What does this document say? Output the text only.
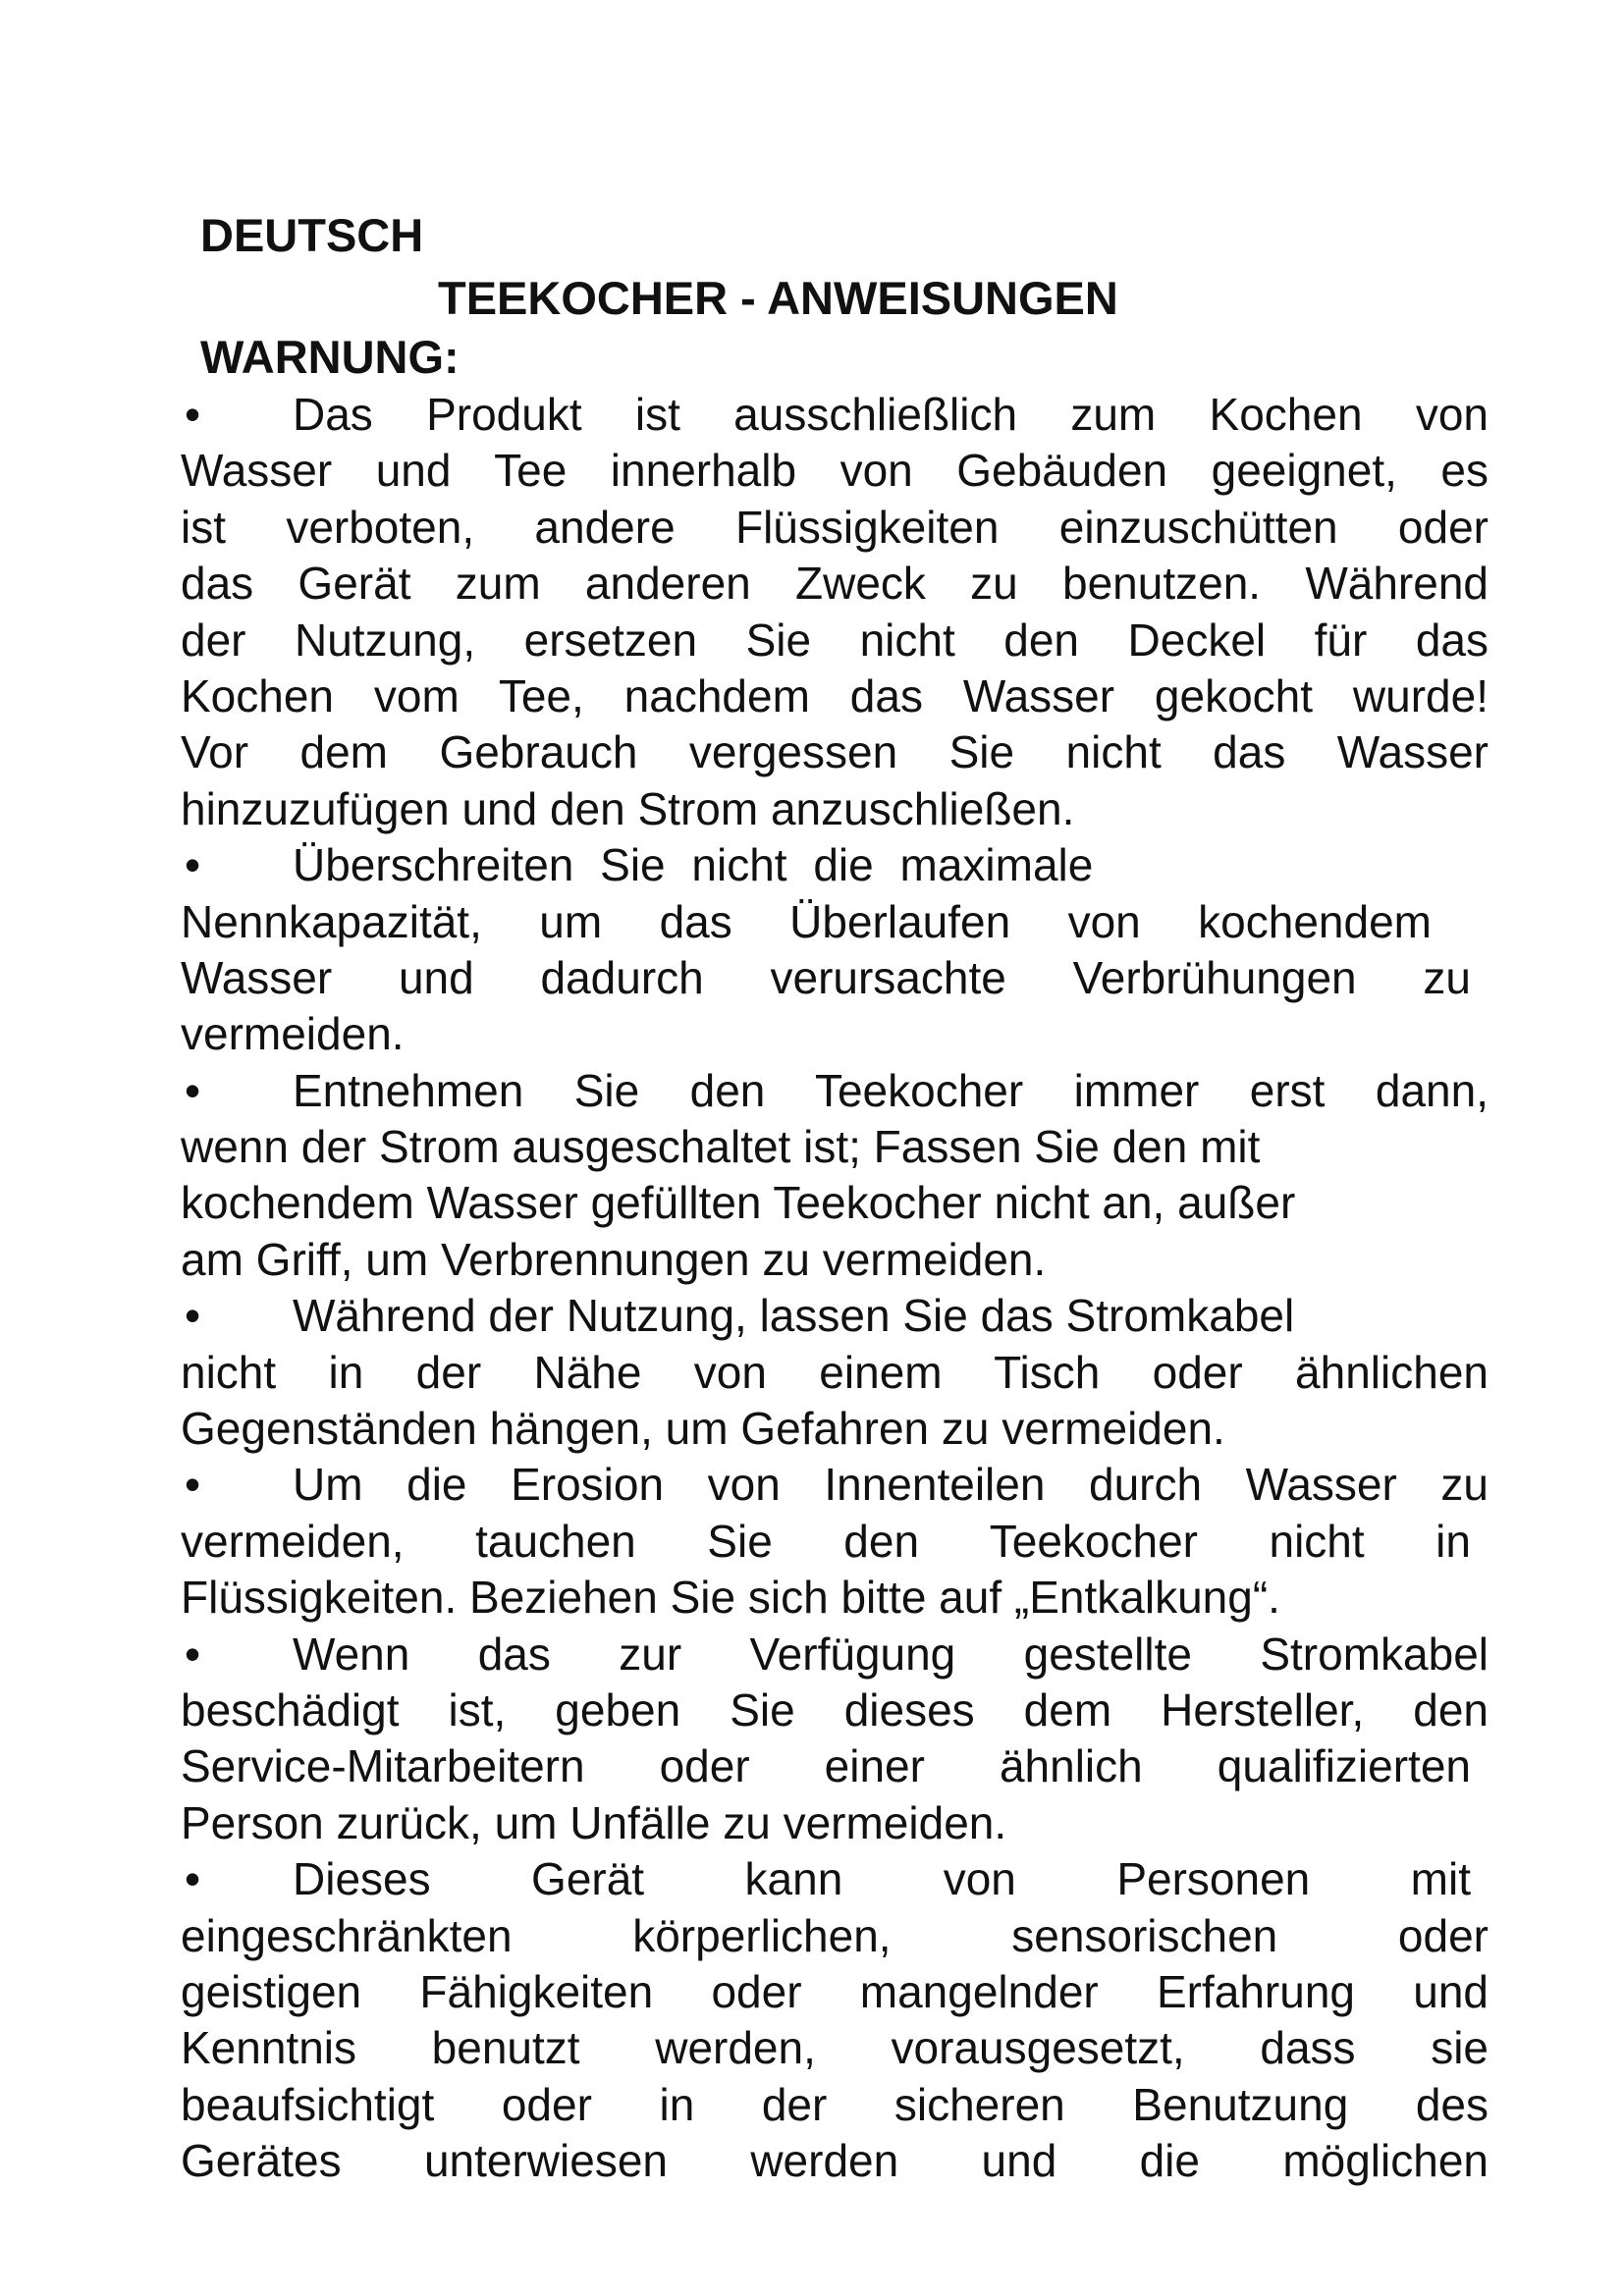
DEUTSCH
TEEKOCHER - ANWEISUNGEN
WARNUNG:
•	Das Produkt ist ausschließlich zum Kochen von
Wasser und Tee innerhalb von Gebäuden geeignet, es
ist verboten, andere Flüssigkeiten einzuschütten oder
das Gerät zum anderen Zweck zu benutzen. Während
der Nutzung, ersetzen Sie nicht den Deckel für das
Kochen vom Tee, nachdem das Wasser gekocht wurde!
Vor dem Gebrauch vergessen Sie nicht das Wasser
hinzuzufügen und den Strom anzuschließen.
•	Überschreiten Sie nicht die maximale
Nennkapazität, um das Überlaufen von kochendem
Wasser und dadurch verursachte Verbrühungen zu
vermeiden.
•	Entnehmen Sie den Teekocher immer erst dann,
wenn der Strom ausgeschaltet ist; Fassen Sie den mit
kochendem Wasser gefüllten Teekocher nicht an, außer
am Griff, um Verbrennungen zu vermeiden.
•	Während der Nutzung, lassen Sie das Stromkabel
nicht in der Nähe von einem Tisch oder ähnlichen
Gegenständen hängen, um Gefahren zu vermeiden.
•	Um die Erosion von Innenteilen durch Wasser zu
vermeiden, tauchen Sie den Teekocher nicht in
Flüssigkeiten. Beziehen Sie sich bitte auf „Entkalkung“.
•	Wenn das zur Verfügung gestellte Stromkabel
beschädigt ist, geben Sie dieses dem Hersteller, den
Service-Mitarbeitern oder einer ähnlich qualifizierten
Person zurück, um Unfälle zu vermeiden.
•	Dieses Gerät kann von Personen mit
eingeschränkten körperlichen, sensorischen oder
geistigen Fähigkeiten oder mangelnder Erfahrung und
Kenntnis benutzt werden, vorausgesetzt, dass sie
beaufsichtigt oder in der sicheren Benutzung des
Gerätes unterwiesen werden und die möglichen
